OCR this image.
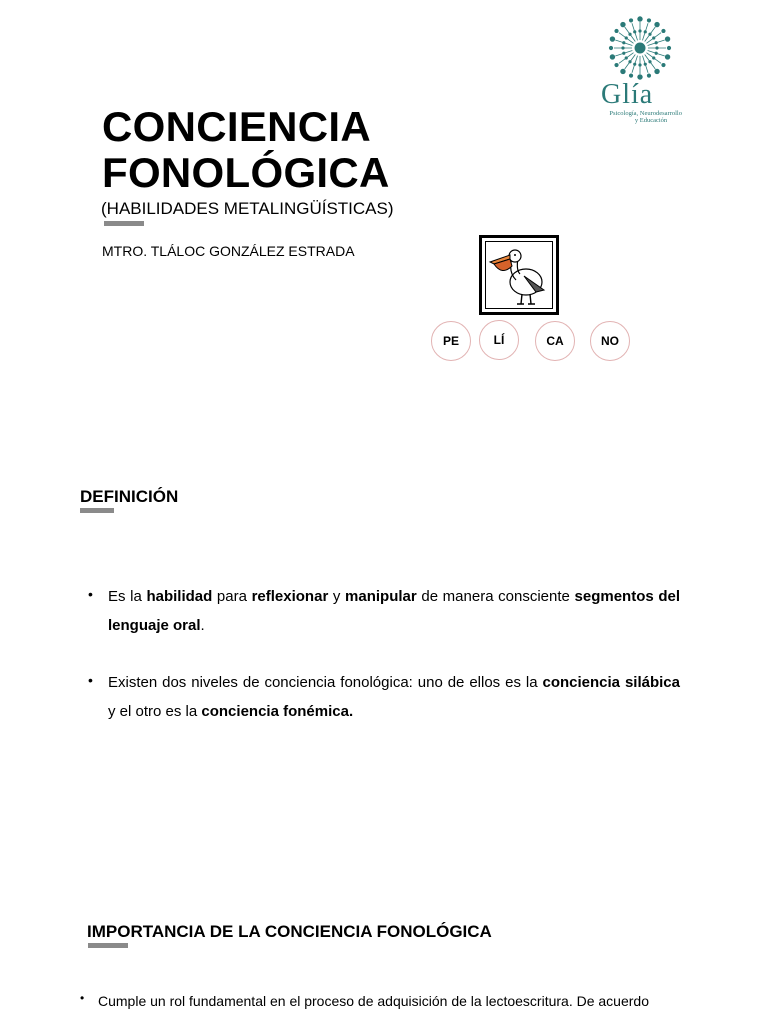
Glía
Psicología, Neurodesarrollo
y Educación
CONCIENCIA
FONOLÓGICA
(HABILIDADES METALINGÜÍSTICAS)
MTRO. TLÁLOC GONZÁLEZ ESTRADA
PE	LÍ	CA	NO
DEFINICIÓN
• Es la habilidad para reflexionar y manipular de manera consciente segmentos del lenguaje oral.
• Existen dos niveles de conciencia fonológica: uno de ellos es la conciencia silábica y el otro es la conciencia fonémica.
IMPORTANCIA DE LA CONCIENCIA FONOLÓGICA
• Cumple un rol fundamental en el proceso de adquisición de la lectoescritura. De acuerdo
